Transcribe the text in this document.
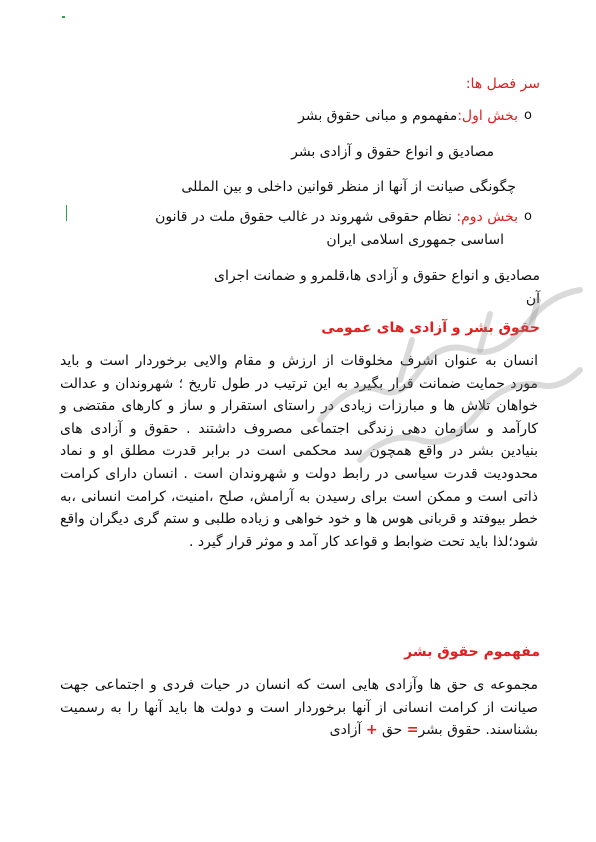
سر فصل ها:
بخش اول:مفهموم و مبانی حقوق بشر	o
مصادیق و انواع حقوق و آزادی بشر
چگونگی صیانت از آنها از منظر قوانین داخلی و بین المللی
بخش دوم: نظام حقوقی شهروند در غالب حقوق ملت در قانون	o
اساسی جمهوری اسلامی ایران
مصادیق و انواع حقوق و آزادی ها،قلمرو و ضمانت اجرای
آن
حقوق بشر و آزادی های عمومی
انسان به عنوان اشرف مخلوقات از ارزش و مقام والایی برخوردار است و باید مورد حمایت ضمانت قرار بگیرد به این ترتیب در طول تاریخ ؛ شهروندان و عدالت خواهان تلاش ها و مبارزات زیادی در راستای استقرار و ساز و کارهای مقتضی و کارآمد و سازمان دهی زندگی اجتماعی مصروف داشتند . حقوق و آزادی های بنیادین بشر در واقع همچون سد محکمی است در برابر قدرت مطلق او و نماد محدودیت قدرت سیاسی در رابط دولت و شهروندان است . انسان دارای کرامت ذاتی است و ممکن است برای رسیدن به آرامش، صلح ،امنیت، کرامت انسانی ،به خطر بیوفتد و قربانی هوس ها و خود خواهی و زیاده طلبی و ستم گری دیگران واقع شود؛لذا باید تحت ضوابط و قواعد کار آمد و موثر قرار گیرد .
مفهموم حقوق بشر
مجموعه ی حق ها وآزادی هایی است که انسان در حیات فردی و اجتماعی جهت صیانت از کرامت انسانی از آنها برخوردار است و دولت ها باید آنها را به رسمیت بشناسند. حقوق بشر= حق + آزادی
